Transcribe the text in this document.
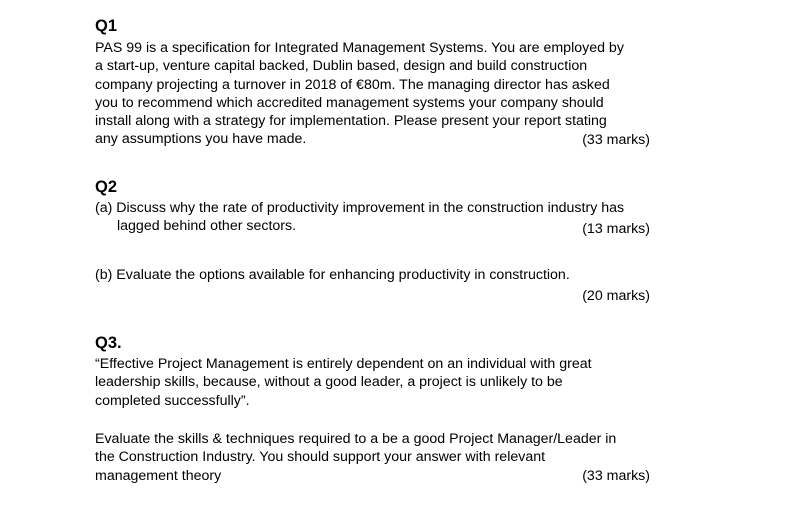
Q1
PAS 99 is a specification for Integrated Management Systems. You are employed by
a start-up, venture capital backed, Dublin based, design and build construction
company projecting a turnover in 2018 of €80m. The managing director has asked
you to recommend which accredited management systems your company should
install along with a strategy for implementation. Please present your report stating
any assumptions you have made.	(33 marks)
Q2
(a) Discuss why the rate of productivity improvement in the construction industry has
lagged behind other sectors.	(13 marks)
(b) Evaluate the options available for enhancing productivity in construction.
(20 marks)
Q3.
“Effective Project Management is entirely dependent on an individual with great
leadership skills, because, without a good leader, a project is unlikely to be
completed successfully”.
Evaluate the skills & techniques required to a be a good Project Manager/Leader in
the Construction Industry. You should support your answer with relevant
management theory	(33 marks)
